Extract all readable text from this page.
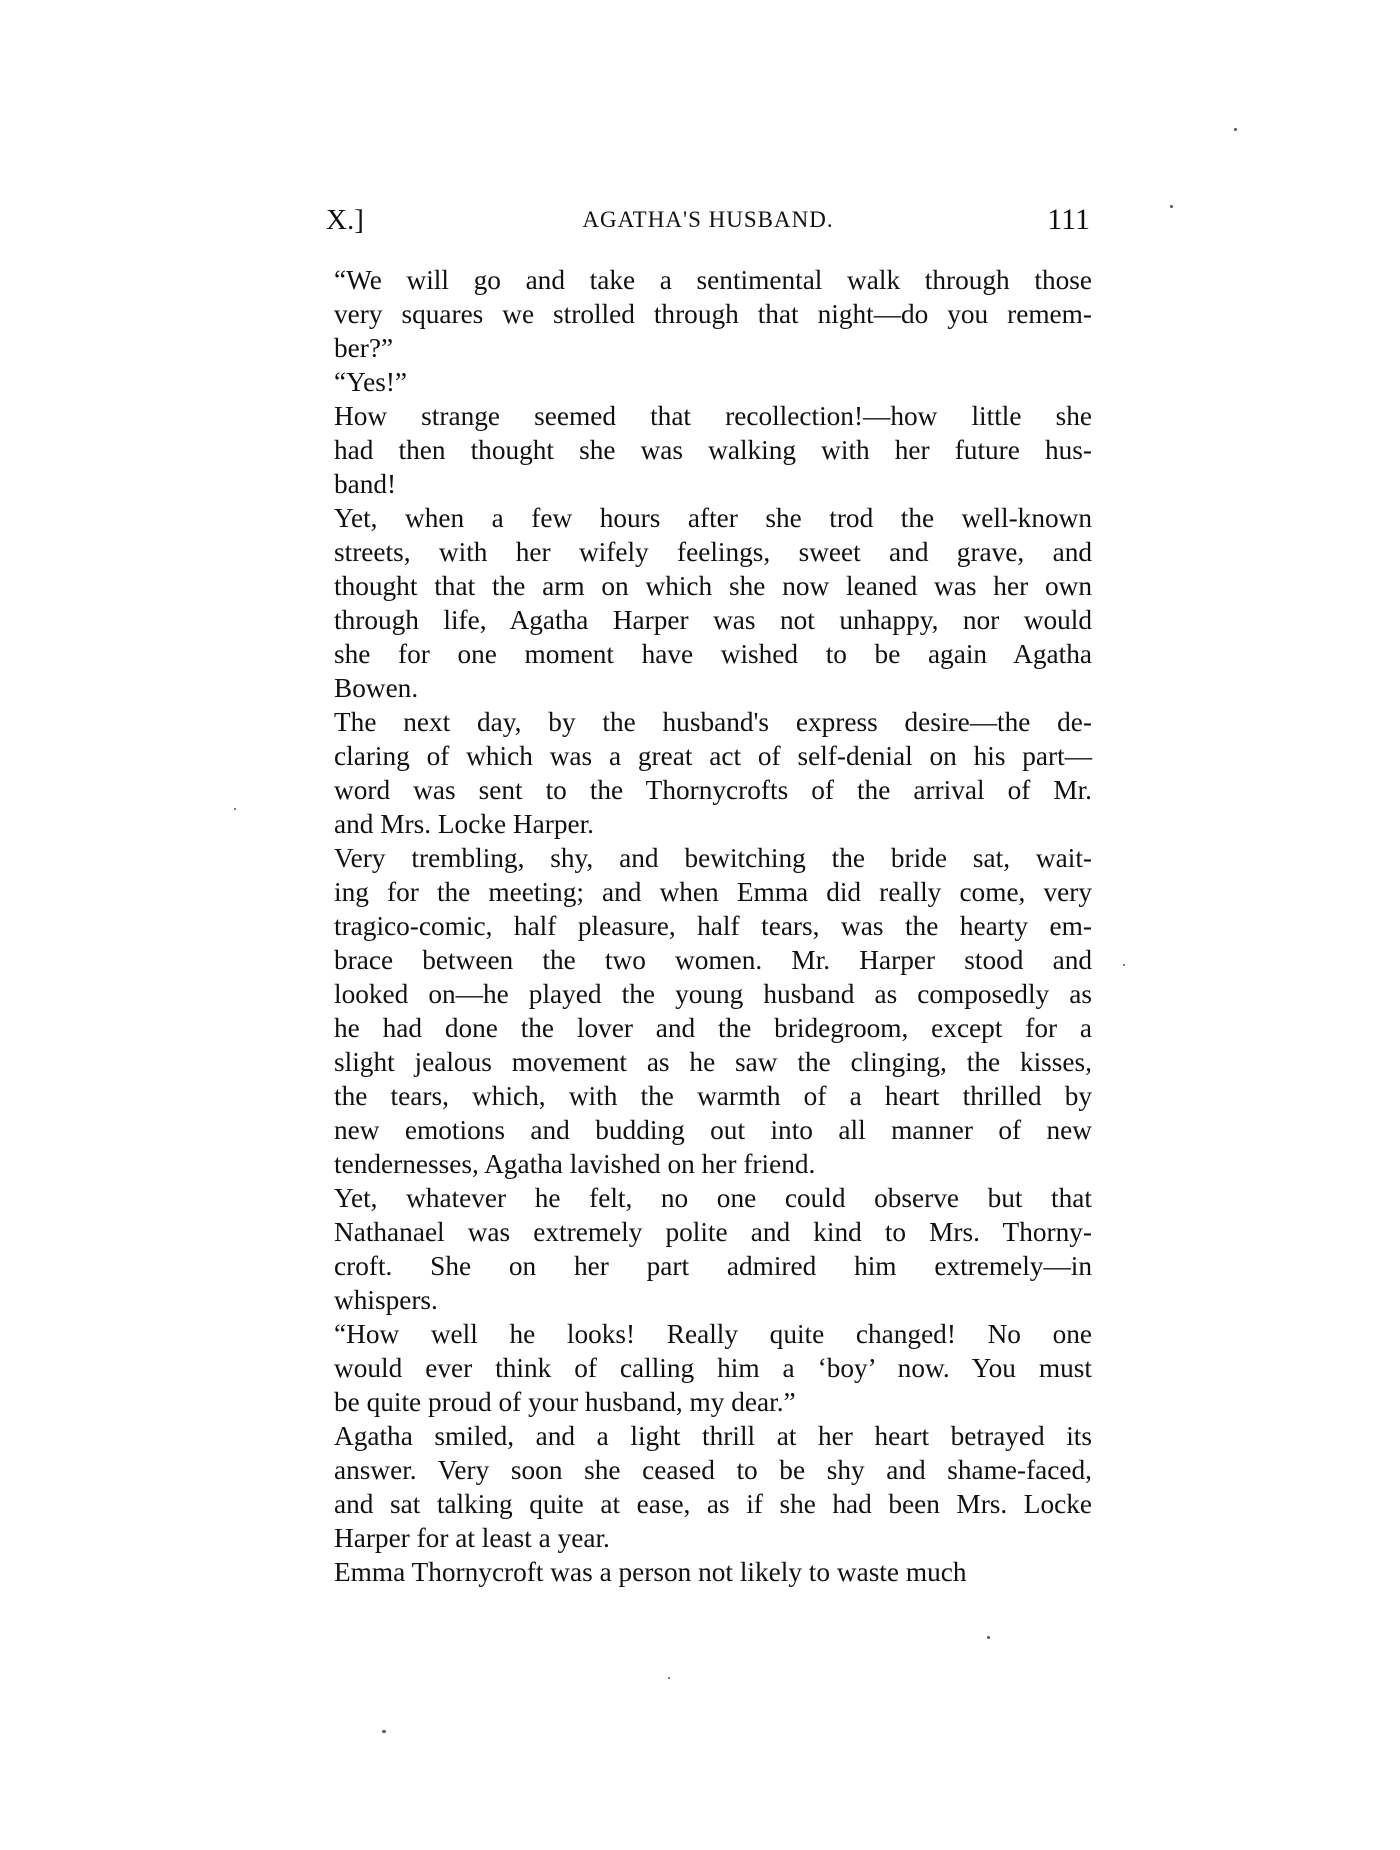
X.]	AGATHA'S HUSBAND.	111

“We will go and take a sentimental walk through those
very squares we strolled through that night—do you remem-
ber?”

“Yes!”

How strange seemed that recollection!—how little she
had then thought she was walking with her future hus-
band!

Yet, when a few hours after she trod the well-known
streets, with her wifely feelings, sweet and grave, and
thought that the arm on which she now leaned was her own
through life, Agatha Harper was not unhappy, nor would
she for one moment have wished to be again Agatha
Bowen.

The next day, by the husband's express desire—the de-
claring of which was a great act of self-denial on his part—
word was sent to the Thornycrofts of the arrival of Mr.
and Mrs. Locke Harper.

Very trembling, shy, and bewitching the bride sat, wait-
ing for the meeting; and when Emma did really come, very
tragico-comic, half pleasure, half tears, was the hearty em-
brace between the two women. Mr. Harper stood and
looked on—he played the young husband as composedly as
he had done the lover and the bridegroom, except for a
slight jealous movement as he saw the clinging, the kisses,
the tears, which, with the warmth of a heart thrilled by
new emotions and budding out into all manner of new
tendernesses, Agatha lavished on her friend.

Yet, whatever he felt, no one could observe but that
Nathanael was extremely polite and kind to Mrs. Thorny-
croft. She on her part admired him extremely—in
whispers.

“How well he looks! Really quite changed! No one
would ever think of calling him a ‘boy’ now. You must
be quite proud of your husband, my dear.”

Agatha smiled, and a light thrill at her heart betrayed its
answer. Very soon she ceased to be shy and shame-faced,
and sat talking quite at ease, as if she had been Mrs. Locke
Harper for at least a year.

Emma Thornycroft was a person not likely to waste much
